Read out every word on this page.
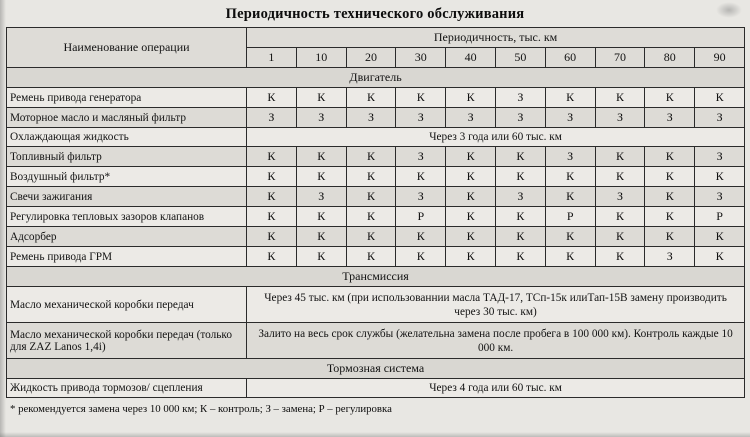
Периодичность технического обслуживания
Наименование операции	Периодичность, тыс. км									
	1	10	20	30	40	50	60	70	80	90
Двигатель										
Ремень привода генератора	К	К	К	К	К	З	К	К	К	К
Моторное масло и масляный фильтр	З	З	З	З	З	З	З	З	З	З
Охлаждающая жидкость	Через 3 года или 60 тыс. км									
Топливный фильтр	К	К	К	З	К	К	З	К	К	З
Воздушный фильтр*	К	К	К	К	К	К	К	К	К	К
Свечи зажигания	К	З	К	З	К	З	К	З	К	З
Регулировка тепловых зазоров клапанов	К	К	К	Р	К	К	Р	К	К	Р
Адсорбер	К	К	К	К	К	К	К	К	К	К
Ремень привода ГРМ	К	К	К	К	К	К	К	К	З	К
Трансмиссия										
Масло механической коробки передач	Через 45 тыс. км (при использованнии масла ТАД-17, ТСп-15к илиТап-15В замену производить через 30 тыс. км)									
Масло механической коробки передач (только для ZAZ Lanos 1,4i)	Залито на весь срок службы (желательна замена после пробега в 100 000 км). Контроль каждые 10 000 км.									
Тормозная система										
Жидкость привода тормозов/ сцепления	Через 4 года или 60 тыс. км									
* рекомендуется замена через 10 000 км; К – контроль; З – замена; Р – регулировка
